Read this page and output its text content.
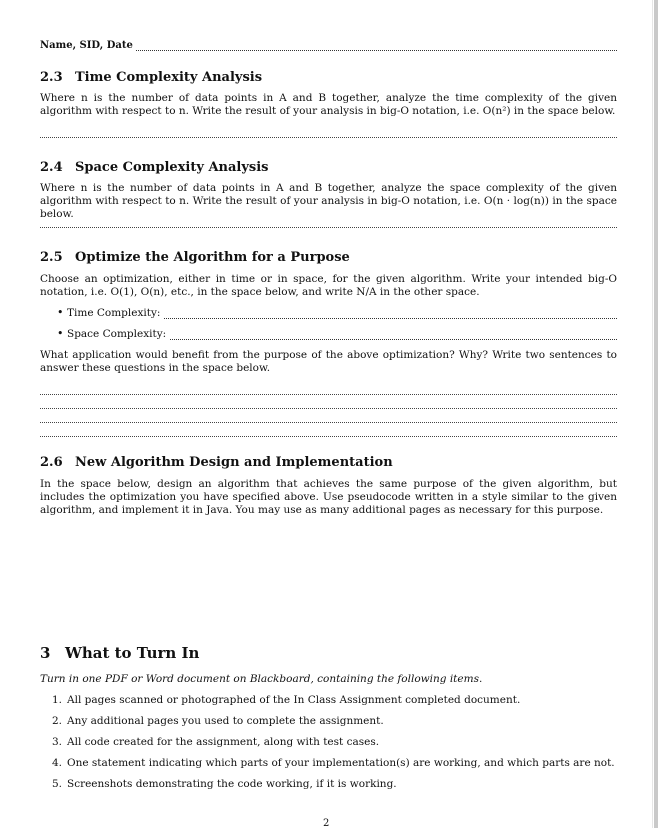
Name, SID, Date
2.3 Time Complexity Analysis

Where n is the number of data points in A and B together, analyze the time complexity of the given algorithm with respect to n. Write the result of your analysis in big-O notation, i.e. O(n²) in the space below.

2.4 Space Complexity Analysis

Where n is the number of data points in A and B together, analyze the space complexity of the given algorithm with respect to n. Write the result of your analysis in big-O notation, i.e. O(n · log(n)) in the space below.

2.5 Optimize the Algorithm for a Purpose

Choose an optimization, either in time or in space, for the given algorithm. Write your intended big-O notation, i.e. O(1), O(n), etc., in the space below, and write N/A in the other space.

• Time Complexity:
• Space Complexity:

What application would benefit from the purpose of the above optimization? Why? Write two sentences to answer these questions in the space below.

2.6 New Algorithm Design and Implementation

In the space below, design an algorithm that achieves the same purpose of the given algorithm, but includes the optimization you have specified above. Use pseudocode written in a style similar to the given algorithm, and implement it in Java. You may use as many additional pages as necessary for this purpose.

3 What to Turn In

Turn in one PDF or Word document on Blackboard, containing the following items.

1. All pages scanned or photographed of the In Class Assignment completed document.
2. Any additional pages you used to complete the assignment.
3. All code created for the assignment, along with test cases.
4. One statement indicating which parts of your implementation(s) are working, and which parts are not.
5. Screenshots demonstrating the code working, if it is working.
2
